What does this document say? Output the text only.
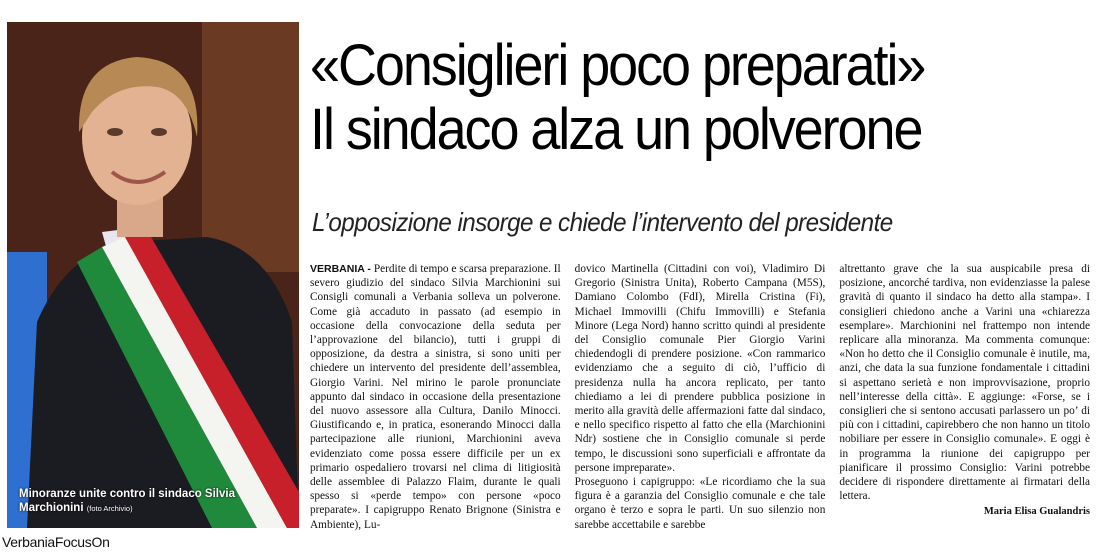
Minoranze unite contro il sindaco Silvia Marchionini (foto Archivio)
«Consiglieri poco preparati»
Il sindaco alza un polverone
L’opposizione insorge e chiede l’intervento del presidente

VERBANIA - Perdite di tempo e scarsa preparazione. Il severo giudizio del sindaco Silvia Marchionini sui Consigli comunali a Verbania solleva un polverone. Come già accaduto in passato (ad esempio in occasione della convocazione della seduta per l’approvazione del bilancio), tutti i gruppi di opposizione, da destra a sinistra, si sono uniti per chiedere un intervento del presidente dell’assemblea, Giorgio Varini. Nel mirino le parole pronunciate appunto dal sindaco in occasione della presentazione del nuovo assessore alla Cultura, Danilo Minocci. Giustificando e, in pratica, esonerando Minocci dalla partecipazione alle riunioni, Marchionini aveva evidenziato come possa essere difficile per un ex primario ospedaliero trovarsi nel clima di litigiosità delle assemblee di Palazzo Flaim, durante le quali spesso si «perde tempo» con persone «poco preparate». I capigruppo Renato Brignone (Sinistra e Ambiente), Lu-

dovico Martinella (Cittadini con voi), Vladimiro Di Gregorio (Sinistra Unita), Roberto Campana (M5S), Damiano Colombo (FdI), Mirella Cristina (Fi), Michael Immovilli (Chifu Immovilli) e Stefania Minore (Lega Nord) hanno scritto quindi al presidente del Consiglio comunale Pier Giorgio Varini chiedendogli di prendere posizione. «Con rammarico evidenziamo che a seguito di ciò, l’ufficio di presidenza nulla ha ancora replicato, per tanto chiediamo a lei di prendere pubblica posizione in merito alla gravità delle affermazioni fatte dal sindaco, e nello specifico rispetto al fatto che ella (Marchionini Ndr) sostiene che in Consiglio comunale si perde tempo, le discussioni sono superficiali e affrontate da persone impreparate».

Proseguono i capigruppo: «Le ricordiamo che la sua figura è a garanzia del Consiglio comunale e che tale organo è terzo e sopra le parti. Un suo silenzio non sarebbe accettabile e sarebbe

altrettanto grave che la sua auspicabile presa di posizione, ancorché tardiva, non evidenziasse la palese gravità di quanto il sindaco ha detto alla stampa». I consiglieri chiedono anche a Varini una «chiarezza esemplare». Marchionini nel frattempo non intende replicare alla minoranza. Ma commenta comunque: «Non ho detto che il Consiglio comunale è inutile, ma, anzi, che data la sua funzione fondamentale i cittadini si aspettano serietà e non improvvisazione, proprio nell’interesse della città». E aggiunge: «Forse, se i consiglieri che si sentono accusati parlassero un po’ di più con i cittadini, capirebbero che non hanno un titolo nobiliare per essere in Consiglio comunale». E oggi è in programma la riunione dei capigruppo per pianificare il prossimo Consiglio: Varini potrebbe decidere di rispondere direttamente ai firmatari della lettera.

Maria Elisa Gualandris

VerbaniaFocusOn
